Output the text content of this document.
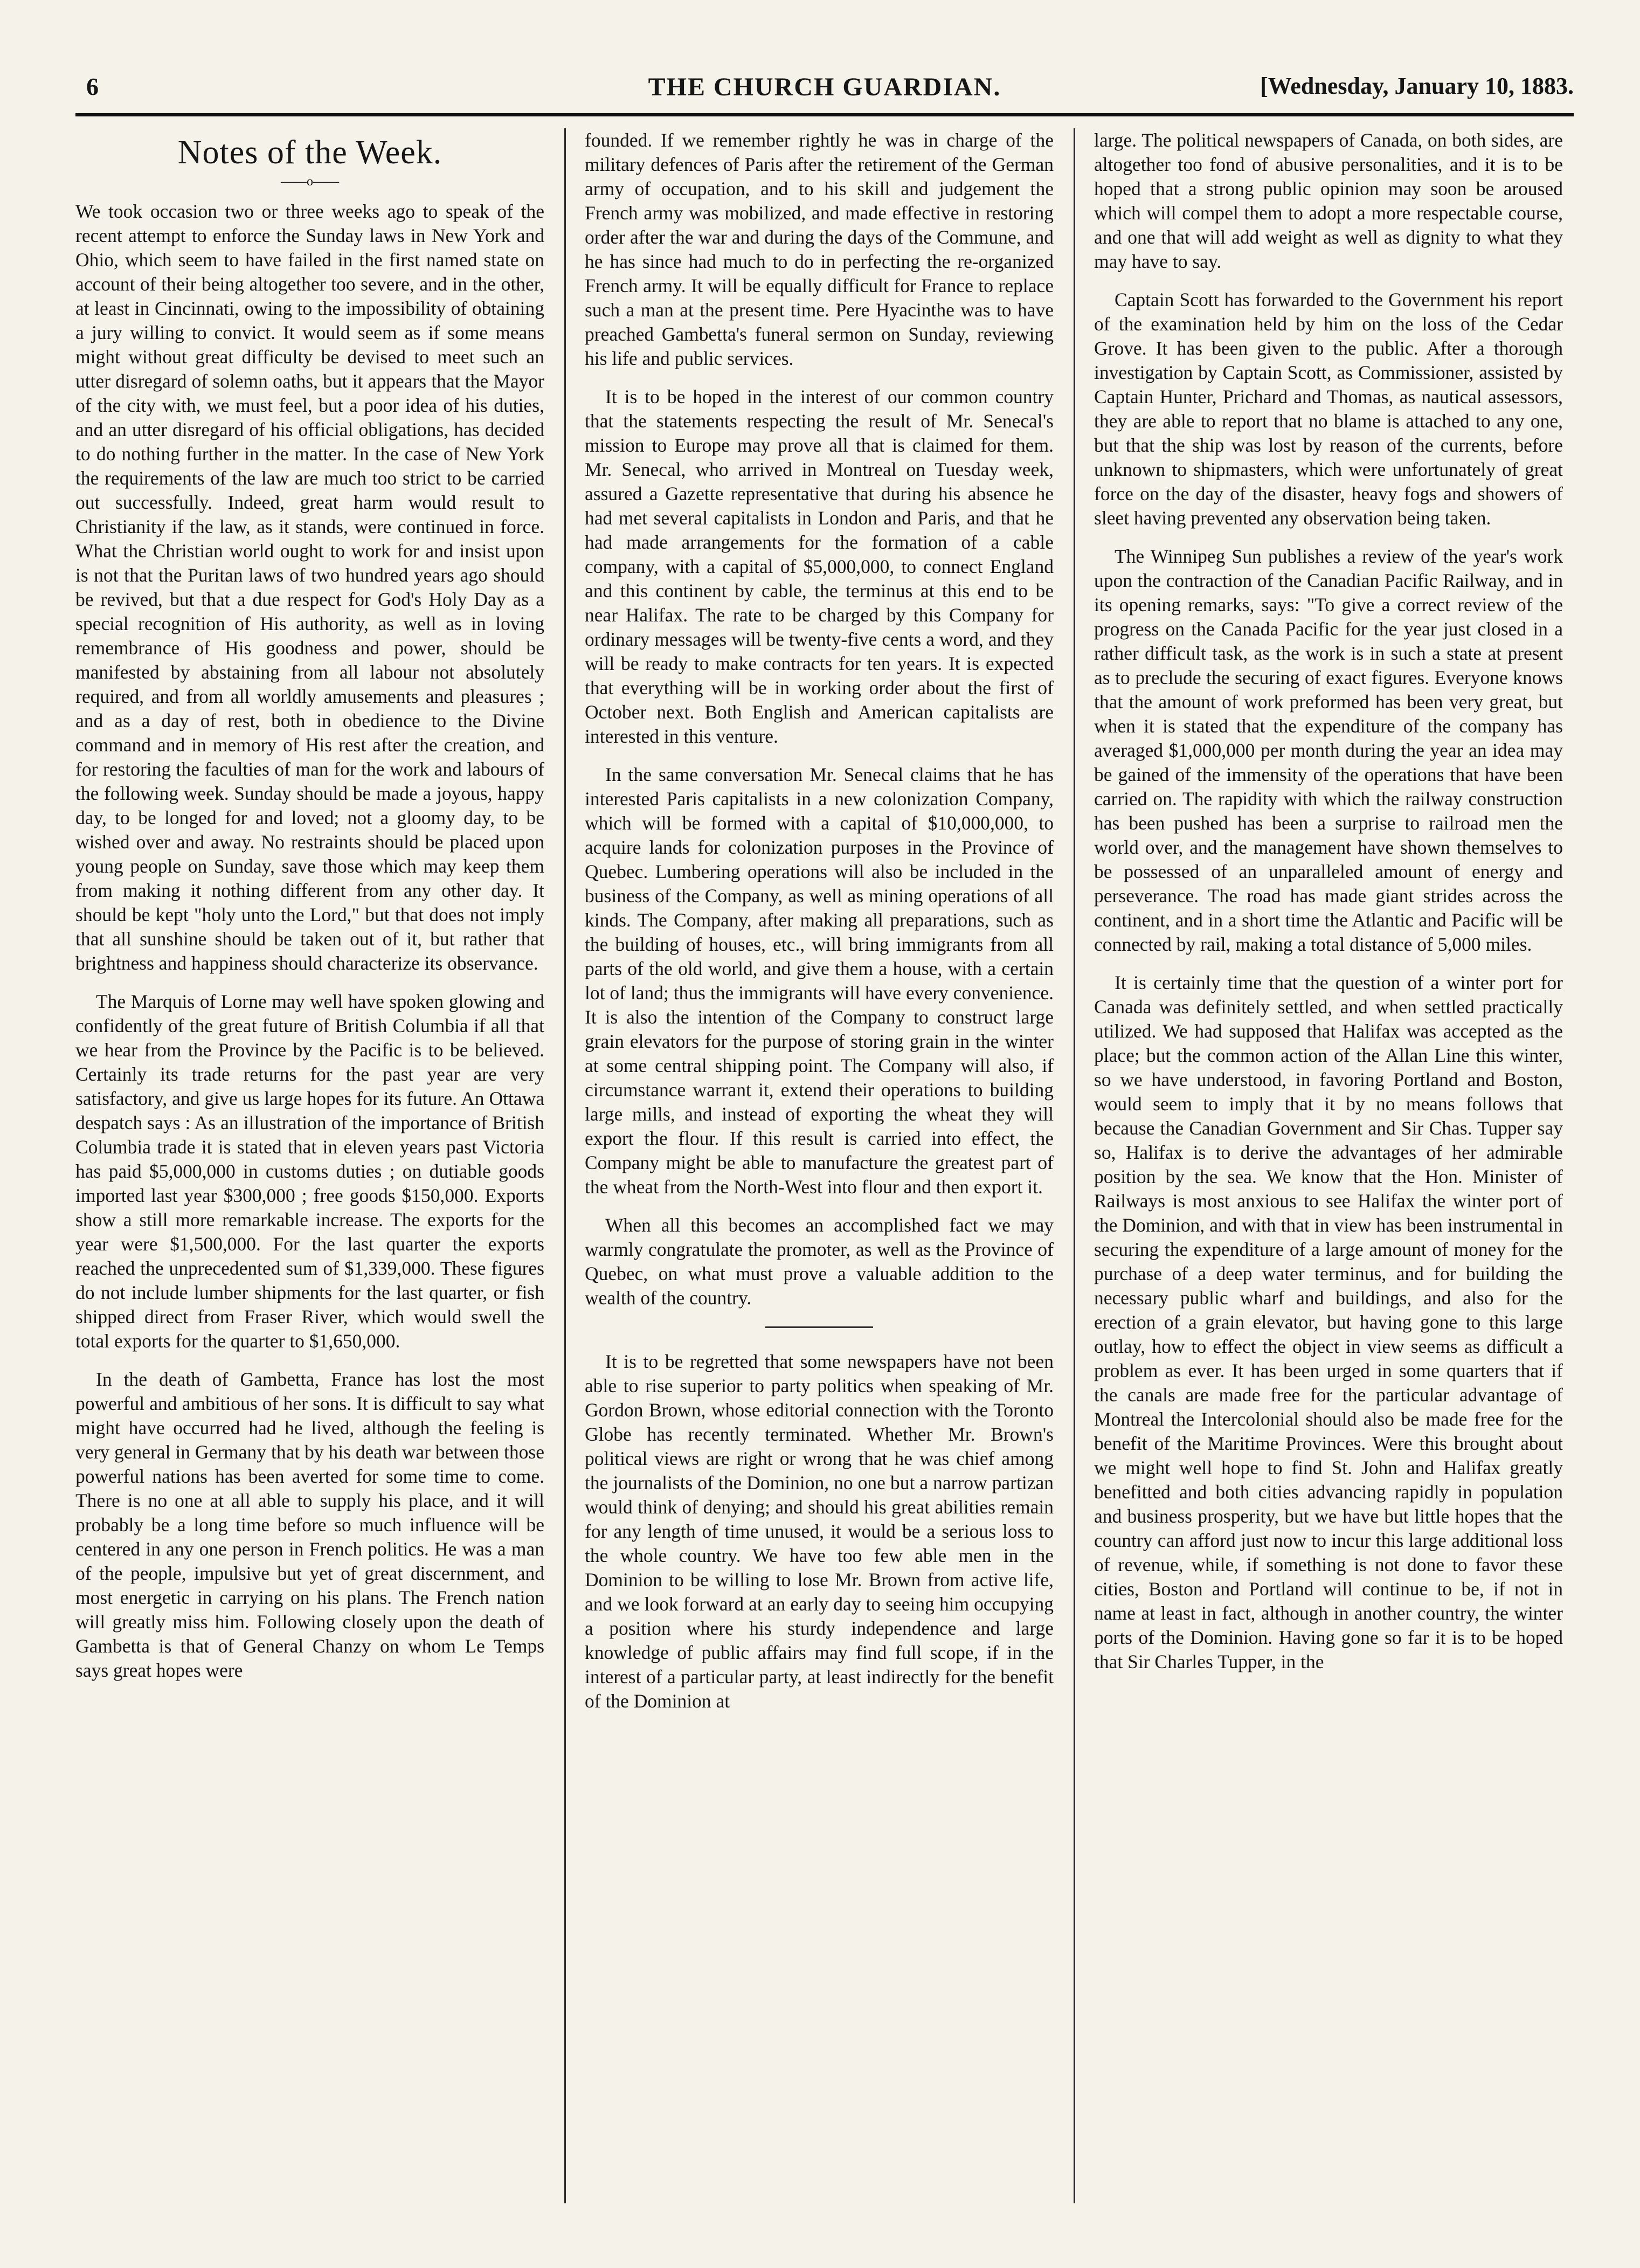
6	THE CHURCH GUARDIAN.	[Wednesday, January 10, 1883.
Notes of the Week.
——o——

We took occasion two or three weeks ago to speak of the recent attempt to enforce the Sunday laws in New York and Ohio, which seem to have failed in the first named state on account of their being altogether too severe, and in the other, at least in Cincinnati, owing to the impossibility of obtaining a jury willing to convict. It would seem as if some means might without great difficulty be devised to meet such an utter disregard of solemn oaths, but it appears that the Mayor of the city with, we must feel, but a poor idea of his duties, and an utter disregard of his official obligations, has decided to do nothing further in the matter. In the case of New York the requirements of the law are much too strict to be carried out successfully. Indeed, great harm would result to Christianity if the law, as it stands, were continued in force. What the Christian world ought to work for and insist upon is not that the Puritan laws of two hundred years ago should be revived, but that a due respect for God's Holy Day as a special recognition of His authority, as well as in loving remembrance of His goodness and power, should be manifested by abstaining from all labour not absolutely required, and from all worldly amusements and pleasures ; and as a day of rest, both in obedience to the Divine command and in memory of His rest after the creation, and for restoring the faculties of man for the work and labours of the following week. Sunday should be made a joyous, happy day, to be longed for and loved; not a gloomy day, to be wished over and away. No restraints should be placed upon young people on Sunday, save those which may keep them from making it nothing different from any other day. It should be kept "holy unto the Lord," but that does not imply that all sunshine should be taken out of it, but rather that brightness and happiness should characterize its observance.

The Marquis of Lorne may well have spoken glowing and confidently of the great future of British Columbia if all that we hear from the Province by the Pacific is to be believed. Certainly its trade returns for the past year are very satisfactory, and give us large hopes for its future. An Ottawa despatch says : As an illustration of the importance of British Columbia trade it is stated that in eleven years past Victoria has paid $5,000,000 in customs duties ; on dutiable goods imported last year $300,000 ; free goods $150,000. Exports show a still more remarkable increase. The exports for the year were $1,500,000. For the last quarter the exports reached the unprecedented sum of $1,339,000. These figures do not include lumber shipments for the last quarter, or fish shipped direct from Fraser River, which would swell the total exports for the quarter to $1,650,000.

In the death of Gambetta, France has lost the most powerful and ambitious of her sons. It is difficult to say what might have occurred had he lived, although the feeling is very general in Germany that by his death war between those powerful nations has been averted for some time to come. There is no one at all able to supply his place, and it will probably be a long time before so much influence will be centered in any one person in French politics. He was a man of the people, impulsive but yet of great discernment, and most energetic in carrying on his plans. The French nation will greatly miss him. Following closely upon the death of Gambetta is that of General Chanzy on whom Le Temps says great hopes were

founded. If we remember rightly he was in charge of the military defences of Paris after the retirement of the German army of occupation, and to his skill and judgement the French army was mobilized, and made effective in restoring order after the war and during the days of the Commune, and he has since had much to do in perfecting the re-organized French army. It will be equally difficult for France to replace such a man at the present time. Pere Hyacinthe was to have preached Gambetta's funeral sermon on Sunday, reviewing his life and public services.

It is to be hoped in the interest of our common country that the statements respecting the result of Mr. Senecal's mission to Europe may prove all that is claimed for them. Mr. Senecal, who arrived in Montreal on Tuesday week, assured a Gazette representative that during his absence he had met several capitalists in London and Paris, and that he had made arrangements for the formation of a cable company, with a capital of $5,000,000, to connect England and this continent by cable, the terminus at this end to be near Halifax. The rate to be charged by this Company for ordinary messages will be twenty-five cents a word, and they will be ready to make contracts for ten years. It is expected that everything will be in working order about the first of October next. Both English and American capitalists are interested in this venture.

In the same conversation Mr. Senecal claims that he has interested Paris capitalists in a new colonization Company, which will be formed with a capital of $10,000,000, to acquire lands for colonization purposes in the Province of Quebec. Lumbering operations will also be included in the business of the Company, as well as mining operations of all kinds. The Company, after making all preparations, such as the building of houses, etc., will bring immigrants from all parts of the old world, and give them a house, with a certain lot of land; thus the immigrants will have every convenience. It is also the intention of the Company to construct large grain elevators for the purpose of storing grain in the winter at some central shipping point. The Company will also, if circumstance warrant it, extend their operations to building large mills, and instead of exporting the wheat they will export the flour. If this result is carried into effect, the Company might be able to manufacture the greatest part of the wheat from the North-West into flour and then export it.

When all this becomes an accomplished fact we may warmly congratulate the promoter, as well as the Province of Quebec, on what must prove a valuable addition to the wealth of the country.

It is to be regretted that some newspapers have not been able to rise superior to party politics when speaking of Mr. Gordon Brown, whose editorial connection with the Toronto Globe has recently terminated. Whether Mr. Brown's political views are right or wrong that he was chief among the journalists of the Dominion, no one but a narrow partizan would think of denying; and should his great abilities remain for any length of time unused, it would be a serious loss to the whole country. We have too few able men in the Dominion to be willing to lose Mr. Brown from active life, and we look forward at an early day to seeing him occupying a position where his sturdy independence and large knowledge of public affairs may find full scope, if in the interest of a particular party, at least indirectly for the benefit of the Dominion at

large. The political newspapers of Canada, on both sides, are altogether too fond of abusive personalities, and it is to be hoped that a strong public opinion may soon be aroused which will compel them to adopt a more respectable course, and one that will add weight as well as dignity to what they may have to say.

Captain Scott has forwarded to the Government his report of the examination held by him on the loss of the Cedar Grove. It has been given to the public. After a thorough investigation by Captain Scott, as Commissioner, assisted by Captain Hunter, Prichard and Thomas, as nautical assessors, they are able to report that no blame is attached to any one, but that the ship was lost by reason of the currents, before unknown to shipmasters, which were unfortunately of great force on the day of the disaster, heavy fogs and showers of sleet having prevented any observation being taken.

The Winnipeg Sun publishes a review of the year's work upon the contraction of the Canadian Pacific Railway, and in its opening remarks, says: "To give a correct review of the progress on the Canada Pacific for the year just closed in a rather difficult task, as the work is in such a state at present as to preclude the securing of exact figures. Everyone knows that the amount of work preformed has been very great, but when it is stated that the expenditure of the company has averaged $1,000,000 per month during the year an idea may be gained of the immensity of the operations that have been carried on. The rapidity with which the railway construction has been pushed has been a surprise to railroad men the world over, and the management have shown themselves to be possessed of an unparalleled amount of energy and perseverance. The road has made giant strides across the continent, and in a short time the Atlantic and Pacific will be connected by rail, making a total distance of 5,000 miles.

It is certainly time that the question of a winter port for Canada was definitely settled, and when settled practically utilized. We had supposed that Halifax was accepted as the place; but the common action of the Allan Line this winter, so we have understood, in favoring Portland and Boston, would seem to imply that it by no means follows that because the Canadian Government and Sir Chas. Tupper say so, Halifax is to derive the advantages of her admirable position by the sea. We know that the Hon. Minister of Railways is most anxious to see Halifax the winter port of the Dominion, and with that in view has been instrumental in securing the expenditure of a large amount of money for the purchase of a deep water terminus, and for building the necessary public wharf and buildings, and also for the erection of a grain elevator, but having gone to this large outlay, how to effect the object in view seems as difficult a problem as ever. It has been urged in some quarters that if the canals are made free for the particular advantage of Montreal the Intercolonial should also be made free for the benefit of the Maritime Provinces. Were this brought about we might well hope to find St. John and Halifax greatly benefitted and both cities advancing rapidly in population and business prosperity, but we have but little hopes that the country can afford just now to incur this large additional loss of revenue, while, if something is not done to favor these cities, Boston and Portland will continue to be, if not in name at least in fact, although in another country, the winter ports of the Dominion. Having gone so far it is to be hoped that Sir Charles Tupper, in the
